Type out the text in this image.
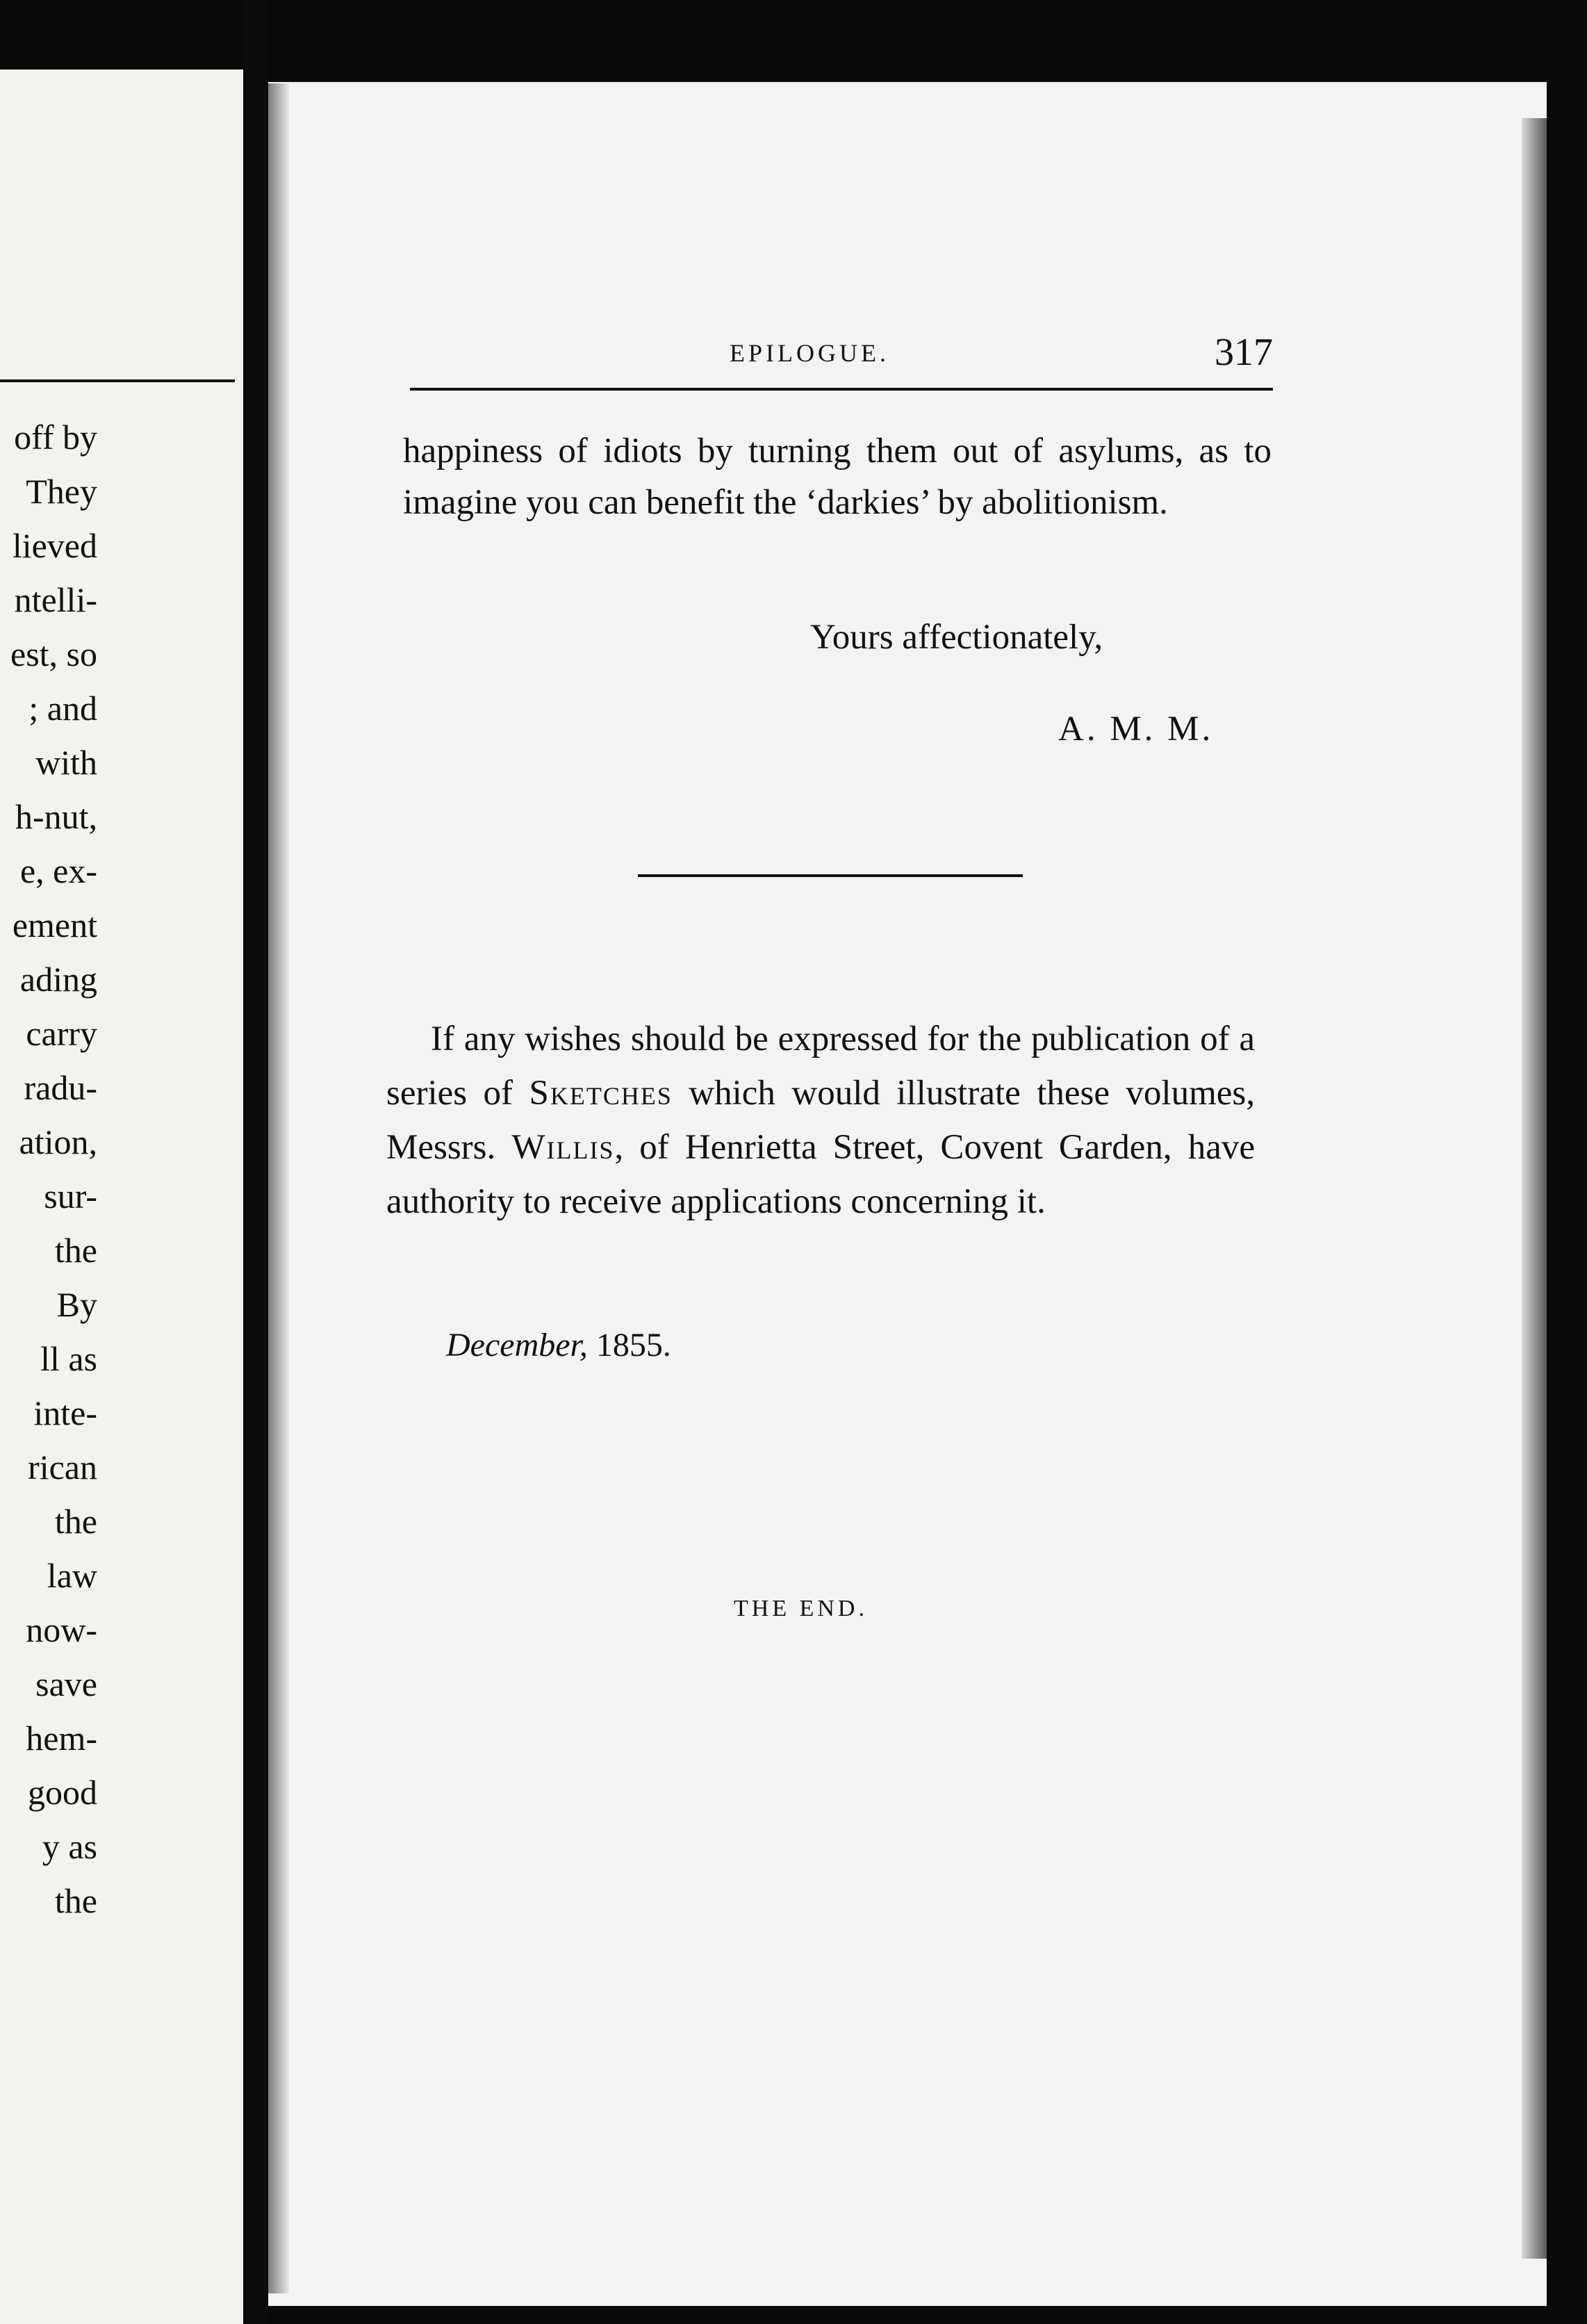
off by
They
lieved
ntelli-
est, so
; and
with
h-nut,
e, ex-
ement
ading
carry
radu-
ation,
sur-
the
By
ll as
inte-
rican
the
law
now-
save
hem-
good
y as
the
EPILOGUE.	317

happiness of idiots by turning them out of asylums, as to imagine you can benefit the ‘darkies’ by abolitionism.

Yours affectionately,
A. M. M.

If any wishes should be expressed for the publication of a series of Sketches which would illustrate these volumes, Messrs. Willis, of Henrietta Street, Covent Garden, have authority to receive applications concerning it.

December, 1855.
THE END.
